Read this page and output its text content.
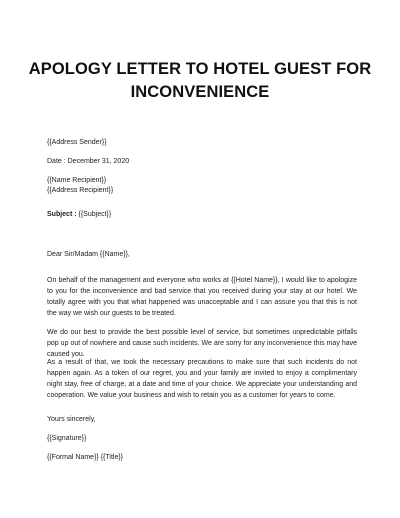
APOLOGY LETTER TO HOTEL GUEST FOR
INCONVENIENCE
{{Address Sender}}
Date : December 31, 2020
{{Name Recipient}}
{{Address Recipient}}
Subject : {{Subject}}
Dear Sir/Madam {{Name}},
On behalf of the management and everyone who works at {{Hotel Name}}, I would like to apologize to you for the inconvenience and bad service that you received during your stay at our hotel. We totally agree with you that what happened was unacceptable and I can assure you that this is not the way we wish our guests to be treated.
We do our best to provide the best possible level of service, but sometimes unpredictable pitfalls pop up out of nowhere and cause such incidents. We are sorry for any inconvenience this may have caused you.
As a result of that, we took the necessary precautions to make sure that such incidents do not happen again. As a token of our regret, you and your family are invited to enjoy a complimentary night stay, free of charge, at a date and time of your choice. We appreciate your understanding and cooperation. We value your business and wish to retain you as a customer for years to come.
Yours sincerely,
{{Signature}}
{{Formal Name}} {{Title}}
